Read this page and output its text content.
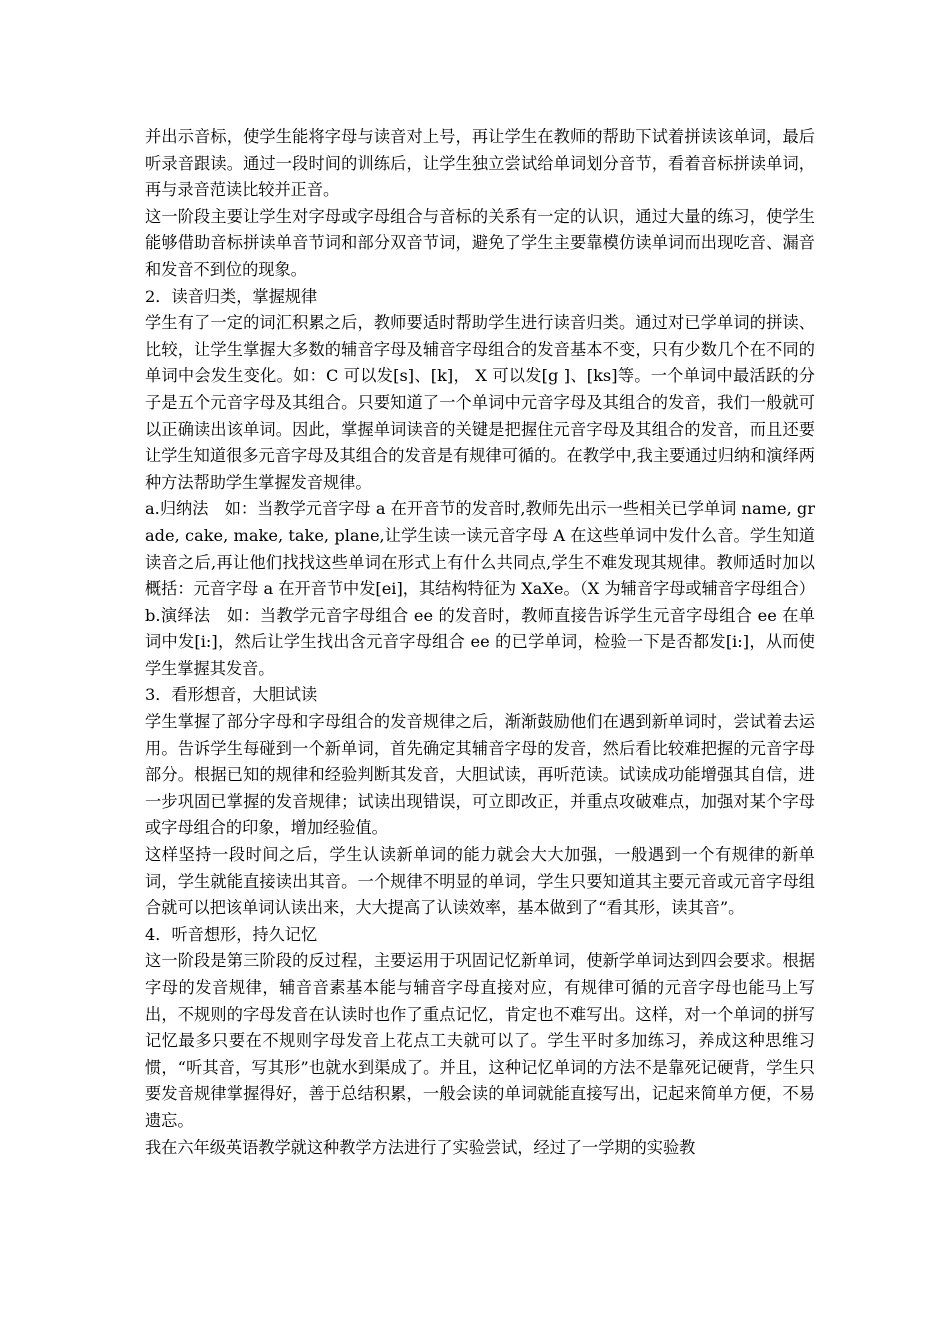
并出示音标，使学生能将字母与读音对上号，再让学生在教师的帮助下试着拼读该单词，最后听录音跟读。通过一段时间的训练后，让学生独立尝试给单词划分音节，看着音标拼读单词，再与录音范读比较并正音。

这一阶段主要让学生对字母或字母组合与音标的关系有一定的认识，通过大量的练习，使学生能够借助音标拼读单音节词和部分双音节词，避免了学生主要靠模仿读单词而出现吃音、漏音和发音不到位的现象。

2．读音归类，掌握规律

学生有了一定的词汇积累之后，教师要适时帮助学生进行读音归类。通过对已学单词的拼读、比较，让学生掌握大多数的辅音字母及辅音字母组合的发音基本不变，只有少数几个在不同的单词中会发生变化。如：C 可以发[s]、[k]， X 可以发[g ]、[ks]等。一个单词中最活跃的分子是五个元音字母及其组合。只要知道了一个单词中元音字母及其组合的发音，我们一般就可以正确读出该单词。因此，掌握单词读音的关键是把握住元音字母及其组合的发音，而且还要让学生知道很多元音字母及其组合的发音是有规律可循的。在教学中,我主要通过归纳和演绎两种方法帮助学生掌握发音规律。

a.归纳法　如：当教学元音字母 a 在开音节的发音时,教师先出示一些相关已学单词 name, grade, cake, make, take, plane,让学生读一读元音字母 A 在这些单词中发什么音。学生知道读音之后,再让他们找找这些单词在形式上有什么共同点,学生不难发现其规律。教师适时加以概括：元音字母 a 在开音节中发[ei]，其结构特征为 XaXe。（X 为辅音字母或辅音字母组合）

b.演绎法　如：当教学元音字母组合 ee 的发音时，教师直接告诉学生元音字母组合 ee 在单词中发[i:]，然后让学生找出含元音字母组合 ee 的已学单词，检验一下是否都发[i:]，从而使学生掌握其发音。

3．看形想音，大胆试读

学生掌握了部分字母和字母组合的发音规律之后，渐渐鼓励他们在遇到新单词时，尝试着去运用。告诉学生每碰到一个新单词，首先确定其辅音字母的发音，然后看比较难把握的元音字母部分。根据已知的规律和经验判断其发音，大胆试读，再听范读。试读成功能增强其自信，进一步巩固已掌握的发音规律；试读出现错误，可立即改正，并重点攻破难点，加强对某个字母或字母组合的印象，增加经验值。

这样坚持一段时间之后，学生认读新单词的能力就会大大加强，一般遇到一个有规律的新单词，学生就能直接读出其音。一个规律不明显的单词，学生只要知道其主要元音或元音字母组合就可以把该单词认读出来，大大提高了认读效率，基本做到了“看其形，读其音”。

4．听音想形，持久记忆

这一阶段是第三阶段的反过程，主要运用于巩固记忆新单词，使新学单词达到四会要求。根据字母的发音规律，辅音音素基本能与辅音字母直接对应，有规律可循的元音字母也能马上写出，不规则的字母发音在认读时也作了重点记忆，肯定也不难写出。这样，对一个单词的拼写记忆最多只要在不规则字母发音上花点工夫就可以了。学生平时多加练习，养成这种思维习惯，“听其音，写其形”也就水到渠成了。并且，这种记忆单词的方法不是靠死记硬背，学生只要发音规律掌握得好，善于总结积累，一般会读的单词就能直接写出，记起来简单方便，不易遗忘。

我在六年级英语教学就这种教学方法进行了实验尝试，经过了一学期的实验教
